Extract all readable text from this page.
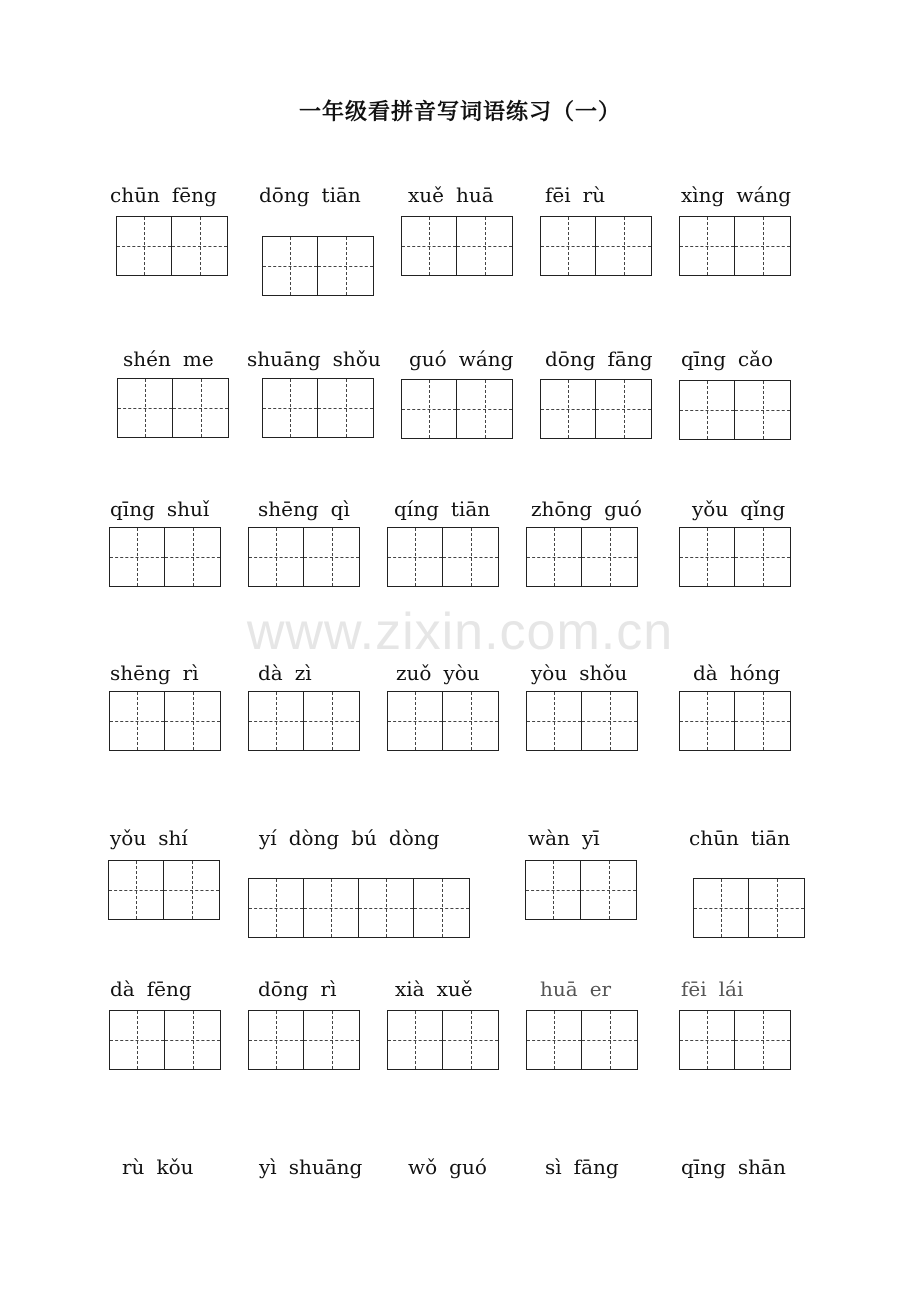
一年级看拼音写词语练习（一）
www.zixin.com.cn
chūn fēng	dōng tiān	xuě huā	fēi rù	xìng wáng
shén me	shuāng shǒu	guó wáng	dōng fāng	qīng cǎo
qīng shuǐ	shēng qì	qíng tiān	zhōng guó	yǒu qǐng
shēng rì	dà zì	zuǒ yòu	yòu shǒu	dà hóng
yǒu shí	yí dòng bú dòng	wàn yī	chūn tiān
dà fēng	dōng rì	xià xuě	huā er	fēi lái
rù kǒu	yì shuāng	wǒ guó	sì fāng	qīng shān
